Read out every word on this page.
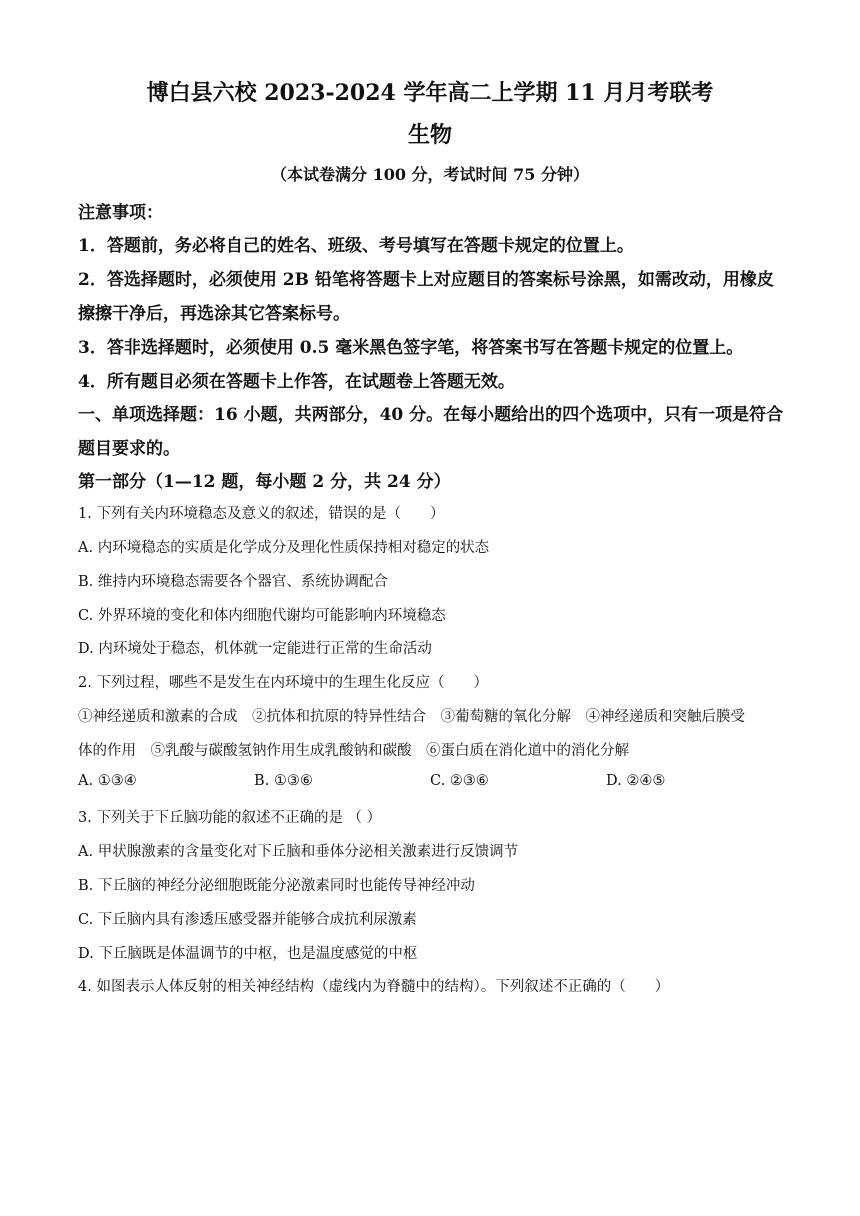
博白县六校 2023-2024 学年高二上学期 11 月月考联考
生物
（本试卷满分 100 分，考试时间 75 分钟）
注意事项：
1．答题前，务必将自己的姓名、班级、考号填写在答题卡规定的位置上。
2．答选择题时，必须使用 2B 铅笔将答题卡上对应题目的答案标号涂黑，如需改动，用橡皮
擦擦干净后，再选涂其它答案标号。
3．答非选择题时，必须使用 0.5 毫米黑色签字笔，将答案书写在答题卡规定的位置上。
4．所有题目必须在答题卡上作答，在试题卷上答题无效。
一、单项选择题：16 小题，共两部分，40 分。在每小题给出的四个选项中，只有一项是符合
题目要求的。
第一部分（1—12 题，每小题 2 分，共 24 分）
1. 下列有关内环境稳态及意义的叙述，错误的是（　　）
A. 内环境稳态的实质是化学成分及理化性质保持相对稳定的状态
B. 维持内环境稳态需要各个器官、系统协调配合
C. 外界环境的变化和体内细胞代谢均可能影响内环境稳态
D. 内环境处于稳态，机体就一定能进行正常的生命活动
2. 下列过程，哪些不是发生在内环境中的生理生化反应（　　）
①神经递质和激素的合成　②抗体和抗原的特异性结合　③葡萄糖的氧化分解　④神经递质和突触后膜受
体的作用　⑤乳酸与碳酸氢钠作用生成乳酸钠和碳酸　⑥蛋白质在消化道中的消化分解
A. ①③④	B. ①③⑥	C. ②③⑥	D. ②④⑤
3. 下列关于下丘脑功能的叙述不正确的是 （ ）
A. 甲状腺激素的含量变化对下丘脑和垂体分泌相关激素进行反馈调节
B. 下丘脑的神经分泌细胞既能分泌激素同时也能传导神经冲动
C. 下丘脑内具有渗透压感受器并能够合成抗利尿激素
D. 下丘脑既是体温调节的中枢，也是温度感觉的中枢
4. 如图表示人体反射的相关神经结构（虚线内为脊髓中的结构）。下列叙述不正确的（　　）
